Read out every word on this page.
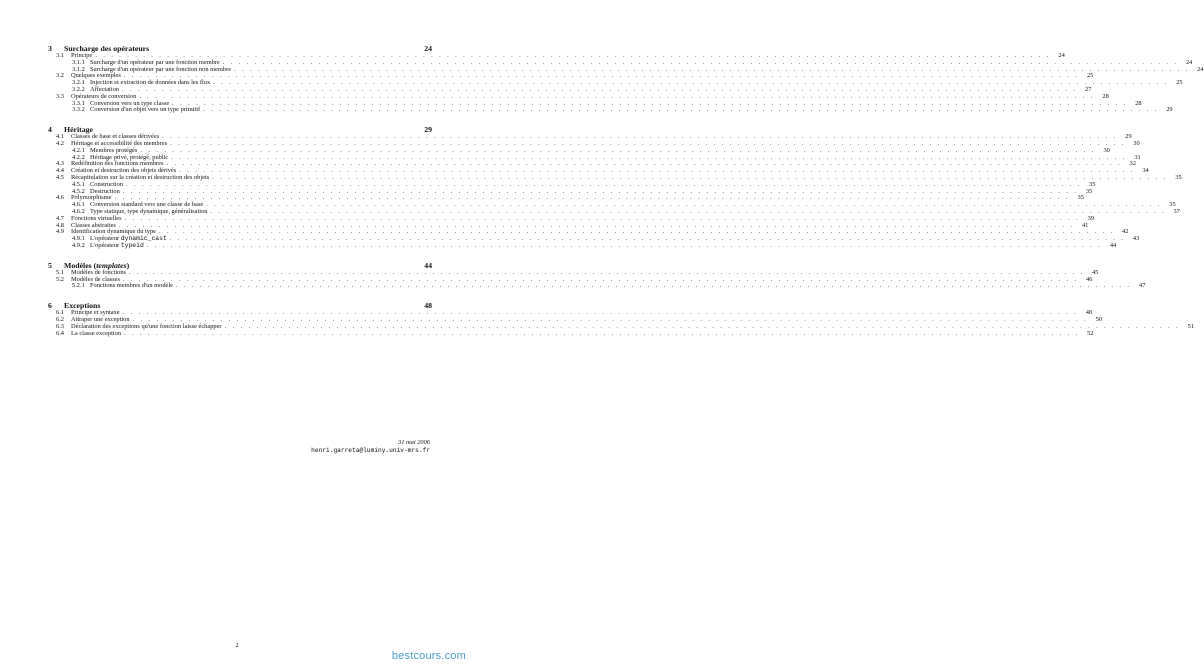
3	Surcharge des opérateurs	24
3.1	Principe . . . . . . . . . . . . . . . . . . . . . . . . . . . . . . . . . . . . . . . . . . . . . . . . . . . . . . . . . . . . . . . . . . . . . . . . . . . . . . . . . . . . . . . . . . . . . . . . . . . . . . . . . . . . . . . . . . . . . . . .	24
3.1.1 Surcharge d'un opérateur par une fonction membre . . . . . . . . . . . . . . . . . . . . . . . . . . . . . . . . . . . . . . . . . . . . . . . . . . . . . . . . . . . . . . . . . . . . . . . . . . . . . . . . . . . . . . . . . . . . . . . . . . . . . . . . . . . . . . . . . . . . . . . .	24
3.1.2 Surcharge d'un opérateur par une fonction non membre . . . . . . . . . . . . . . . . . . . . . . . . . . . . . . . . . . . . . . . . . . . . . . . . . . . . . . . . . . . . . . . . . . . . . . . . . . . . . . . . . . . . . . . . . . . . . . . . . . . . . . . . . . . . . . . . . . . . . . . .	24
3.2	Quelques exemples . . . . . . . . . . . . . . . . . . . . . . . . . . . . . . . . . . . . . . . . . . . . . . . . . . . . . . . . . . . . . . . . . . . . . . . . . . . . . . . . . . . . . . . . . . . . . . . . . . . . . . . . . . . . . . . . . . . . . . . .	25
3.2.1 Injection et extraction de données dans les flux . . . . . . . . . . . . . . . . . . . . . . . . . . . . . . . . . . . . . . . . . . . . . . . . . . . . . . . . . . . . . . . . . . . . . . . . . . . . . . . . . . . . . . . . . . . . . . . . . . . . . . . . . . . . . . . . . . . . . . . .	25
3.2.2 Affectation . . . . . . . . . . . . . . . . . . . . . . . . . . . . . . . . . . . . . . . . . . . . . . . . . . . . . . . . . . . . . . . . . . . . . . . . . . . . . . . . . . . . . . . . . . . . . . . . . . . . . . . . . . . . . . . . . . . . . . . .	27
3.3	Opérateurs de conversion . . . . . . . . . . . . . . . . . . . . . . . . . . . . . . . . . . . . . . . . . . . . . . . . . . . . . . . . . . . . . . . . . . . . . . . . . . . . . . . . . . . . . . . . . . . . . . . . . . . . . . . . . . . . . . . . . . . . . . . .	28
3.3.1 Conversion vers un type classe . . . . . . . . . . . . . . . . . . . . . . . . . . . . . . . . . . . . . . . . . . . . . . . . . . . . . . . . . . . . . . . . . . . . . . . . . . . . . . . . . . . . . . . . . . . . . . . . . . . . . . . . . . . . . . . . . . . . . . . .	28
3.3.2 Conversion d'un objet vers un type primitif . . . . . . . . . . . . . . . . . . . . . . . . . . . . . . . . . . . . . . . . . . . . . . . . . . . . . . . . . . . . . . . . . . . . . . . . . . . . . . . . . . . . . . . . . . . . . . . . . . . . . . . . . . . . . . . . . . . . . . . .	29
4	Héritage	29
4.1	Classes de base et classes dérivées . . . . . . . . . . . . . . . . . . . . . . . . . . . . . . . . . . . . . . . . . . . . . . . . . . . . . . . . . . . . . . . . . . . . . . . . . . . . . . . . . . . . . . . . . . . . . . . . . . . . . . . . . . . . . . . . . . . . . . . .	29
4.2	Héritage et accessibilité des membres . . . . . . . . . . . . . . . . . . . . . . . . . . . . . . . . . . . . . . . . . . . . . . . . . . . . . . . . . . . . . . . . . . . . . . . . . . . . . . . . . . . . . . . . . . . . . . . . . . . . . . . . . . . . . . . . . . . . . . . .	30
4.2.1 Membres protégés . . . . . . . . . . . . . . . . . . . . . . . . . . . . . . . . . . . . . . . . . . . . . . . . . . . . . . . . . . . . . . . . . . . . . . . . . . . . . . . . . . . . . . . . . . . . . . . . . . . . . . . . . . . . . . . . . . . . . . . .	30
4.2.2 Héritage privé, protégé, public . . . . . . . . . . . . . . . . . . . . . . . . . . . . . . . . . . . . . . . . . . . . . . . . . . . . . . . . . . . . . . . . . . . . . . . . . . . . . . . . . . . . . . . . . . . . . . . . . . . . . . . . . . . . . . . . . . . . . . . .	31
4.3	Redéfinition des fonctions membres . . . . . . . . . . . . . . . . . . . . . . . . . . . . . . . . . . . . . . . . . . . . . . . . . . . . . . . . . . . . . . . . . . . . . . . . . . . . . . . . . . . . . . . . . . . . . . . . . . . . . . . . . . . . . . . . . . . . . . . .	32
4.4	Création et destruction des objets dérivés . . . . . . . . . . . . . . . . . . . . . . . . . . . . . . . . . . . . . . . . . . . . . . . . . . . . . . . . . . . . . . . . . . . . . . . . . . . . . . . . . . . . . . . . . . . . . . . . . . . . . . . . . . . . . . . . . . . . . . . .	34
4.5	Récapitulation sur la création et destruction des objets . . . . . . . . . . . . . . . . . . . . . . . . . . . . . . . . . . . . . . . . . . . . . . . . . . . . . . . . . . . . . . . . . . . . . . . . . . . . . . . . . . . . . . . . . . . . . . . . . . . . . . . . . . . . . . . . . . . . . . . .	35
4.5.1 Construction . . . . . . . . . . . . . . . . . . . . . . . . . . . . . . . . . . . . . . . . . . . . . . . . . . . . . . . . . . . . . . . . . . . . . . . . . . . . . . . . . . . . . . . . . . . . . . . . . . . . . . . . . . . . . . . . . . . . . . . .	35
4.5.2 Destruction . . . . . . . . . . . . . . . . . . . . . . . . . . . . . . . . . . . . . . . . . . . . . . . . . . . . . . . . . . . . . . . . . . . . . . . . . . . . . . . . . . . . . . . . . . . . . . . . . . . . . . . . . . . . . . . . . . . . . . . .	35
4.6	Polymorphisme . . . . . . . . . . . . . . . . . . . . . . . . . . . . . . . . . . . . . . . . . . . . . . . . . . . . . . . . . . . . . . . . . . . . . . . . . . . . . . . . . . . . . . . . . . . . . . . . . . . . . . . . . . . . . . . . . . . . . . . .	35
4.6.1 Conversion standard vers une classe de base . . . . . . . . . . . . . . . . . . . . . . . . . . . . . . . . . . . . . . . . . . . . . . . . . . . . . . . . . . . . . . . . . . . . . . . . . . . . . . . . . . . . . . . . . . . . . . . . . . . . . . . . . . . . . . . . . . . . . . . .	35
4.6.2 Type statique, type dynamique, généralisation . . . . . . . . . . . . . . . . . . . . . . . . . . . . . . . . . . . . . . . . . . . . . . . . . . . . . . . . . . . . . . . . . . . . . . . . . . . . . . . . . . . . . . . . . . . . . . . . . . . . . . . . . . . . . . . . . . . . . . . .	37
4.7	Fonctions virtuelles . . . . . . . . . . . . . . . . . . . . . . . . . . . . . . . . . . . . . . . . . . . . . . . . . . . . . . . . . . . . . . . . . . . . . . . . . . . . . . . . . . . . . . . . . . . . . . . . . . . . . . . . . . . . . . . . . . . . . . . .	39
4.8	Classes abstraites . . . . . . . . . . . . . . . . . . . . . . . . . . . . . . . . . . . . . . . . . . . . . . . . . . . . . . . . . . . . . . . . . . . . . . . . . . . . . . . . . . . . . . . . . . . . . . . . . . . . . . . . . . . . . . . . . . . . . . . .	41
4.9	Identification dynamique du type . . . . . . . . . . . . . . . . . . . . . . . . . . . . . . . . . . . . . . . . . . . . . . . . . . . . . . . . . . . . . . . . . . . . . . . . . . . . . . . . . . . . . . . . . . . . . . . . . . . . . . . . . . . . . . . . . . . . . . . .	42
4.9.1 L'opérateur dynamic_cast . . . . . . . . . . . . . . . . . . . . . . . . . . . . . . . . . . . . . . . . . . . . . . . . . . . . . . . . . . . . . . . . . . . . . . . . . . . . . . . . . . . . . . . . . . . . . . . . . . . . . . . . . . . . . . . . . . . . . . . .	43
4.9.2 L'opérateur typeid . . . . . . . . . . . . . . . . . . . . . . . . . . . . . . . . . . . . . . . . . . . . . . . . . . . . . . . . . . . . . . . . . . . . . . . . . . . . . . . . . . . . . . . . . . . . . . . . . . . . . . . . . . . . . . . . . . . . . . . .	44
5	Modèles (templates)	44
5.1	Modèles de fonctions . . . . . . . . . . . . . . . . . . . . . . . . . . . . . . . . . . . . . . . . . . . . . . . . . . . . . . . . . . . . . . . . . . . . . . . . . . . . . . . . . . . . . . . . . . . . . . . . . . . . . . . . . . . . . . . . . . . . . . . .	45
5.2	Modèles de classes . . . . . . . . . . . . . . . . . . . . . . . . . . . . . . . . . . . . . . . . . . . . . . . . . . . . . . . . . . . . . . . . . . . . . . . . . . . . . . . . . . . . . . . . . . . . . . . . . . . . . . . . . . . . . . . . . . . . . . . .	46
5.2.1 Fonctions membres d'un modèle . . . . . . . . . . . . . . . . . . . . . . . . . . . . . . . . . . . . . . . . . . . . . . . . . . . . . . . . . . . . . . . . . . . . . . . . . . . . . . . . . . . . . . . . . . . . . . . . . . . . . . . . . . . . . . . . . . . . . . . .	47
6	Exceptions	48
6.1	Principe et syntaxe . . . . . . . . . . . . . . . . . . . . . . . . . . . . . . . . . . . . . . . . . . . . . . . . . . . . . . . . . . . . . . . . . . . . . . . . . . . . . . . . . . . . . . . . . . . . . . . . . . . . . . . . . . . . . . . . . . . . . . . .	48
6.2	Attraper une exception . . . . . . . . . . . . . . . . . . . . . . . . . . . . . . . . . . . . . . . . . . . . . . . . . . . . . . . . . . . . . . . . . . . . . . . . . . . . . . . . . . . . . . . . . . . . . . . . . . . . . . . . . . . . . . . . . . . . . . . .	50
6.3	Déclaration des exceptions qu'une fonction laisse échapper . . . . . . . . . . . . . . . . . . . . . . . . . . . . . . . . . . . . . . . . . . . . . . . . . . . . . . . . . . . . . . . . . . . . . . . . . . . . . . . . . . . . . . . . . . . . . . . . . . . . . . . . . . . . . . . . . . . . . . . .	51
6.4	La classe exception . . . . . . . . . . . . . . . . . . . . . . . . . . . . . . . . . . . . . . . . . . . . . . . . . . . . . . . . . . . . . . . . . . . . . . . . . . . . . . . . . . . . . . . . . . . . . . . . . . . . . . . . . . . . . . . . . . . . . . . .	52
31 mai 2006
henri.garreta@luminy.univ-mrs.fr
2
bestcours.com
